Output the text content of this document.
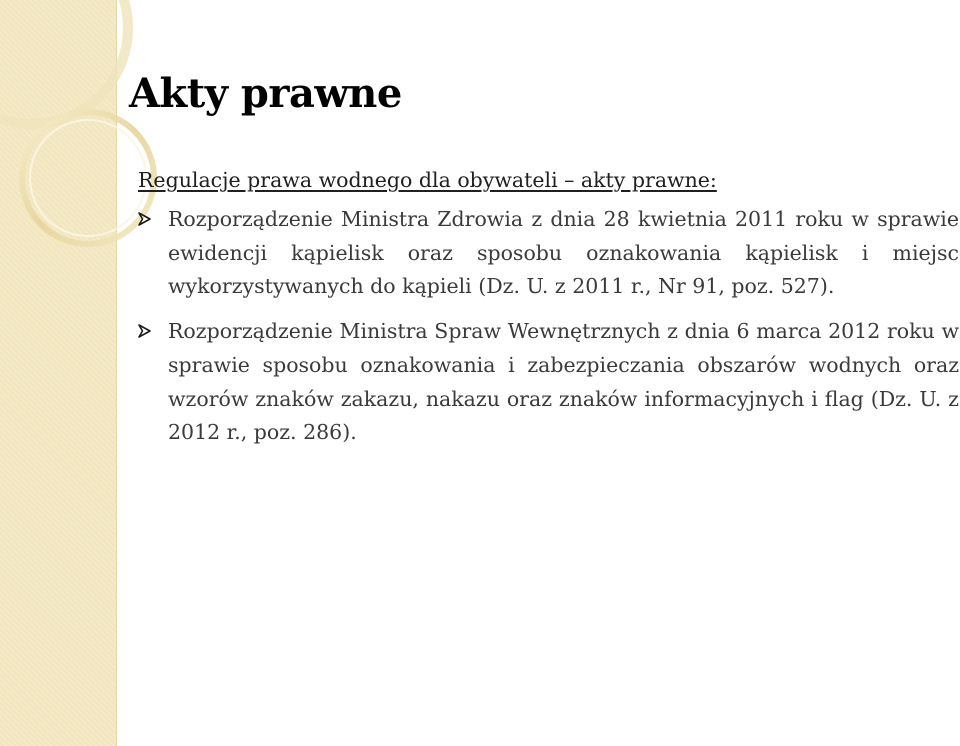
Akty prawne
Regulacje prawa wodnego dla obywateli – akty prawne:
Rozporządzenie Ministra Zdrowia z dnia 28 kwietnia 2011 roku w sprawie ewidencji kąpielisk oraz sposobu oznakowania kąpielisk i miejsc wykorzystywanych do kąpieli (Dz. U. z 2011 r., Nr 91, poz. 527).
Rozporządzenie Ministra Spraw Wewnętrznych z dnia 6 marca 2012 roku w sprawie sposobu oznakowania i zabezpieczania obszarów wodnych oraz wzorów znaków zakazu, nakazu oraz znaków informacyjnych i flag (Dz. U. z 2012 r., poz. 286).
